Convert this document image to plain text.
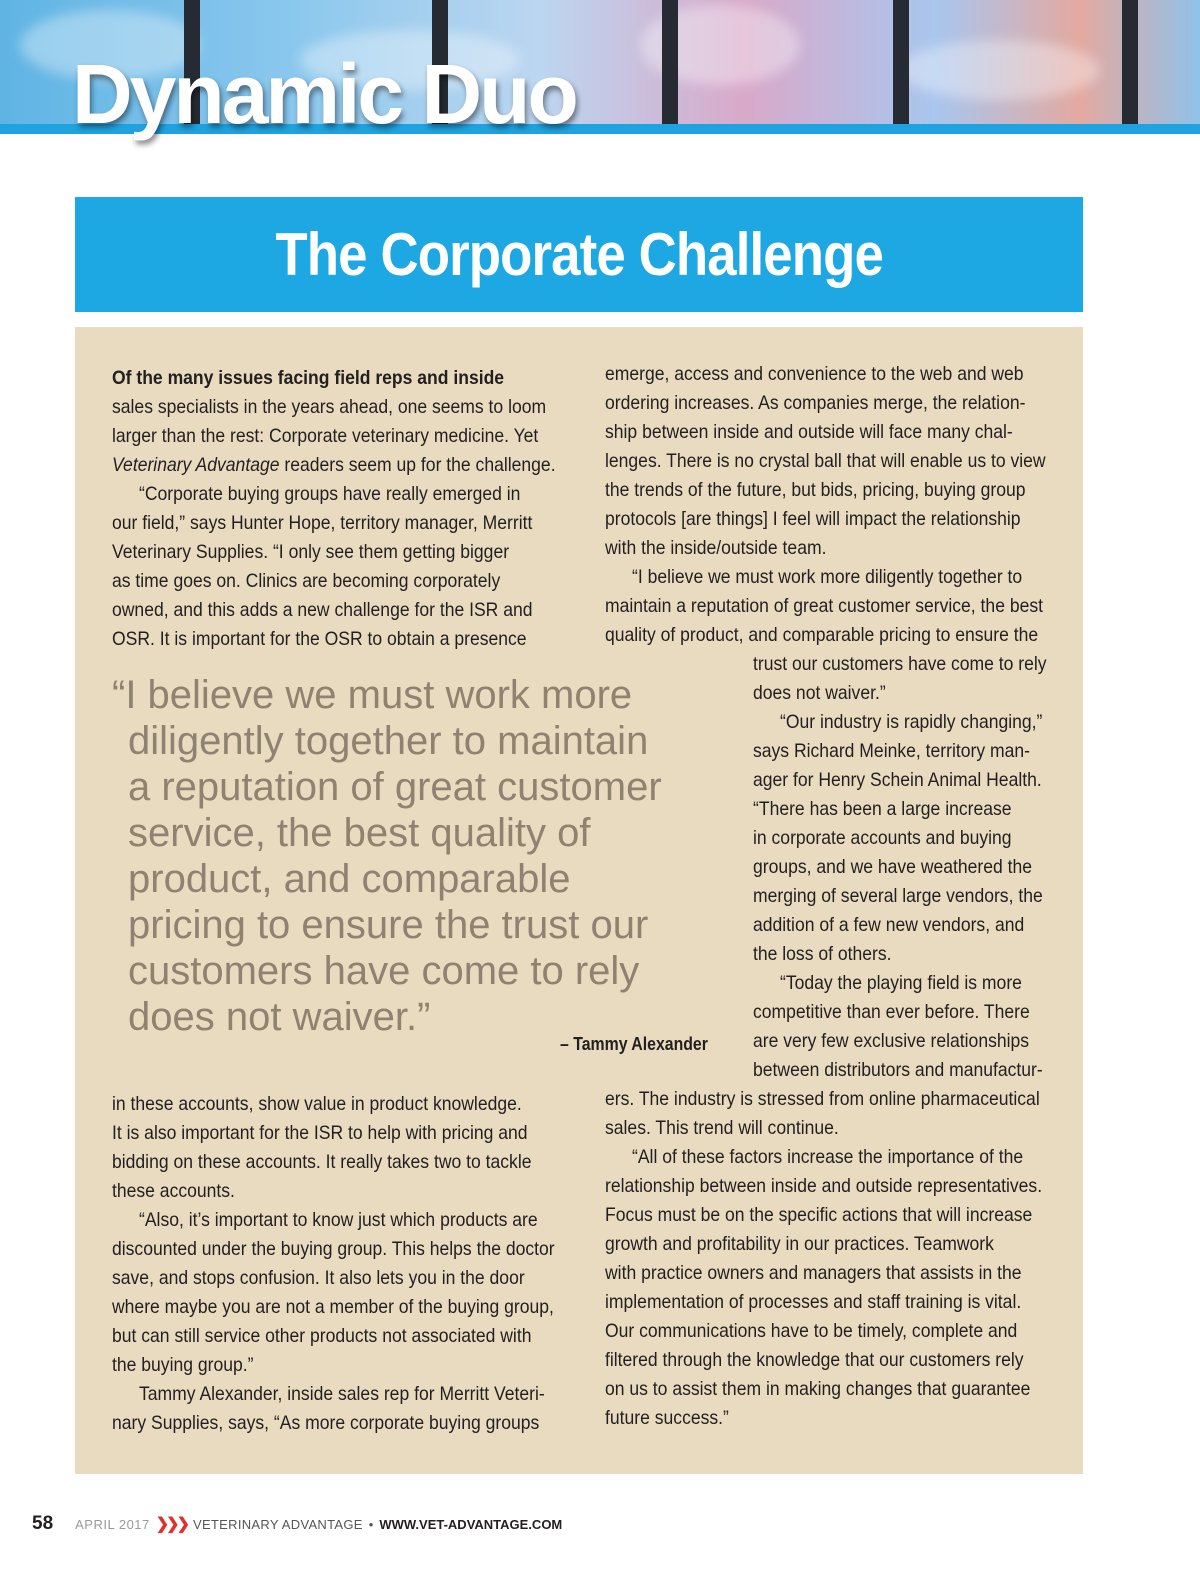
Dynamic Duo
The Corporate Challenge

Of the many issues facing field reps and inside
sales specialists in the years ahead, one seems to loom
larger than the rest: Corporate veterinary medicine. Yet
Veterinary Advantage readers seem up for the challenge.

“Corporate buying groups have really emerged in
our field,” says Hunter Hope, territory manager, Merritt
Veterinary Supplies. “I only see them getting bigger
as time goes on. Clinics are becoming corporately
owned, and this adds a new challenge for the ISR and
OSR. It is important for the OSR to obtain a presence

“I believe we must work more
diligently together to maintain
a reputation of great customer
service, the best quality of
product, and comparable
pricing to ensure the trust our
customers have come to rely
does not waiver.”
– Tammy Alexander

in these accounts, show value in product knowledge.
It is also important for the ISR to help with pricing and
bidding on these accounts. It really takes two to tackle
these accounts.

“Also, it’s important to know just which products are
discounted under the buying group. This helps the doctor
save, and stops confusion. It also lets you in the door
where maybe you are not a member of the buying group,
but can still service other products not associated with
the buying group.”

Tammy Alexander, inside sales rep for Merritt Veteri-
nary Supplies, says, “As more corporate buying groups

emerge, access and convenience to the web and web
ordering increases. As companies merge, the relation-
ship between inside and outside will face many chal-
lenges. There is no crystal ball that will enable us to view
the trends of the future, but bids, pricing, buying group
protocols [are things] I feel will impact the relationship
with the inside/outside team.

“I believe we must work more diligently together to
maintain a reputation of great customer service, the best
quality of product, and comparable pricing to ensure the

trust our customers have come to rely
does not waiver.”

“Our industry is rapidly changing,”
says Richard Meinke, territory man-
ager for Henry Schein Animal Health.
“There has been a large increase
in corporate accounts and buying
groups, and we have weathered the
merging of several large vendors, the
addition of a few new vendors, and
the loss of others.

“Today the playing field is more
competitive than ever before. There
are very few exclusive relationships
between distributors and manufactur-

ers. The industry is stressed from online pharmaceutical
sales. This trend will continue.

“All of these factors increase the importance of the
relationship between inside and outside representatives.
Focus must be on the specific actions that will increase
growth and profitability in our practices. Teamwork
with practice owners and managers that assists in the
implementation of processes and staff training is vital.
Our communications have to be timely, complete and
filtered through the knowledge that our customers rely
on us to assist them in making changes that guarantee
future success.”

58 APRIL 2017 ❯❯❯ VETERINARY ADVANTAGE • WWW.VET-ADVANTAGE.COM
